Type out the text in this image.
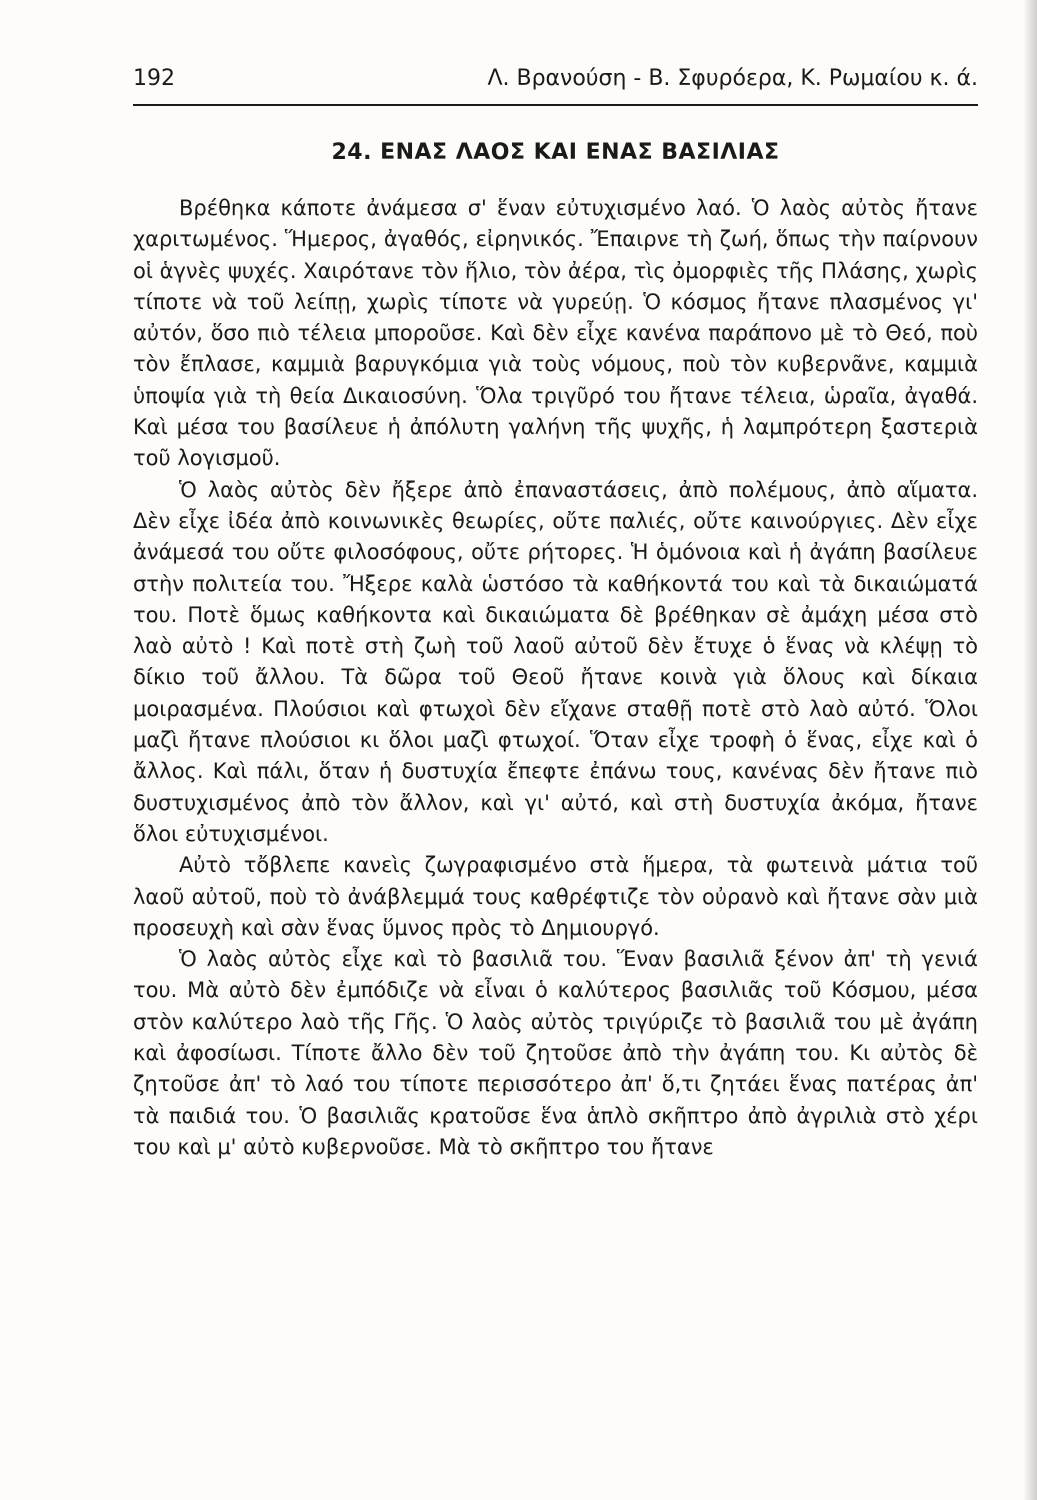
192	Λ. Βρανούση - Β. Σφυρόερα, Κ. Ρωμαίου κ. ά.
24. ΕΝΑΣ ΛΑΟΣ ΚΑΙ ΕΝΑΣ ΒΑΣΙΛΙΑΣ

Βρέθηκα κάποτε ἀνάμεσα σ' ἕναν εὐτυχισμένο λαό. Ὁ λαὸς αὐτὸς ἤτανε χαριτωμένος. Ἥμερος, ἀγαθός, εἰρηνικός. Ἔπαιρνε τὴ ζωή, ὅπως τὴν παίρνουν οἱ ἁγνὲς ψυχές. Χαιρότανε τὸν ἥλιο, τὸν ἀέρα, τὶς ὀμορφιὲς τῆς Πλάσης, χωρὶς τίποτε νὰ τοῦ λείπῃ, χωρὶς τίποτε νὰ γυρεύῃ. Ὁ κόσμος ἤτανε πλασμένος γι' αὐτόν, ὅσο πιὸ τέλεια μποροῦσε. Καὶ δὲν εἶχε κανένα παράπονο μὲ τὸ Θεό, ποὺ τὸν ἔπλασε, καμμιὰ βαρυγκόμια γιὰ τοὺς νόμους, ποὺ τὸν κυβερνᾶνε, καμμιὰ ὑποψία γιὰ τὴ θεία Δικαιοσύνη. Ὅλα τριγῦρό του ἤτανε τέλεια, ὡραῖα, ἀγαθά. Καὶ μέσα του βασίλευε ἡ ἀπόλυτη γαλήνη τῆς ψυχῆς, ἡ λαμπρότερη ξαστεριὰ τοῦ λογισμοῦ.

Ὁ λαὸς αὐτὸς δὲν ἤξερε ἀπὸ ἐπαναστάσεις, ἀπὸ πολέμους, ἀπὸ αἵματα. Δὲν εἶχε ἰδέα ἀπὸ κοινωνικὲς θεωρίες, οὔτε παλιές, οὔτε καινούργιες. Δὲν εἶχε ἀνάμεσά του οὔτε φιλοσόφους, οὔτε ρήτορες. Ἡ ὁμόνοια καὶ ἡ ἀγάπη βασίλευε στὴν πολιτεία του. Ἤξερε καλὰ ὡστόσο τὰ καθήκοντά του καὶ τὰ δικαιώματά του. Ποτὲ ὅμως καθήκοντα καὶ δικαιώματα δὲ βρέθηκαν σὲ ἀμάχη μέσα στὸ λαὸ αὐτὸ ! Καὶ ποτὲ στὴ ζωὴ τοῦ λαοῦ αὐτοῦ δὲν ἔτυχε ὁ ἕνας νὰ κλέψῃ τὸ δίκιο τοῦ ἄλλου. Τὰ δῶρα τοῦ Θεοῦ ἤτανε κοινὰ γιὰ ὅλους καὶ δίκαια μοιρασμένα. Πλούσιοι καὶ φτωχοὶ δὲν εἴχανε σταθῇ ποτὲ στὸ λαὸ αὐτό. Ὅλοι μαζὶ ἤτανε πλούσιοι κι ὅλοι μαζὶ φτωχοί. Ὅταν εἶχε τροφὴ ὁ ἕνας, εἶχε καὶ ὁ ἄλλος. Καὶ πάλι, ὅταν ἡ δυστυχία ἔπεφτε ἐπάνω τους, κανένας δὲν ἤτανε πιὸ δυστυχισμένος ἀπὸ τὸν ἄλλον, καὶ γι' αὐτό, καὶ στὴ δυστυχία ἀκόμα, ἤτανε ὅλοι εὐτυχισμένοι.

Αὐτὸ τὄβλεπε κανεὶς ζωγραφισμένο στὰ ἥμερα, τὰ φωτεινὰ μάτια τοῦ λαοῦ αὐτοῦ, ποὺ τὸ ἀνάβλεμμά τους καθρέφτιζε τὸν οὐρανὸ καὶ ἤτανε σὰν μιὰ προσευχὴ καὶ σὰν ἕνας ὕμνος πρὸς τὸ Δημιουργό.

Ὁ λαὸς αὐτὸς εἶχε καὶ τὸ βασιλιᾶ του. Ἕναν βασιλιᾶ ξένον ἀπ' τὴ γενιά του. Μὰ αὐτὸ δὲν ἐμπόδιζε νὰ εἶναι ὁ καλύτερος βασιλιᾶς τοῦ Κόσμου, μέσα στὸν καλύτερο λαὸ τῆς Γῆς. Ὁ λαὸς αὐτὸς τριγύριζε τὸ βασιλιᾶ του μὲ ἀγάπη καὶ ἀφοσίωσι. Τίποτε ἄλλο δὲν τοῦ ζητοῦσε ἀπὸ τὴν ἀγάπη του. Κι αὐτὸς δὲ ζητοῦσε ἀπ' τὸ λαό του τίποτε περισσότερο ἀπ' ὅ,τι ζητάει ἕνας πατέρας ἀπ' τὰ παιδιά του. Ὁ βασιλιᾶς κρατοῦσε ἕνα ἁπλὸ σκῆπτρο ἀπὸ ἀγριλιὰ στὸ χέρι του καὶ μ' αὐτὸ κυβερνοῦσε. Μὰ τὸ σκῆπτρο του ἤτανε
